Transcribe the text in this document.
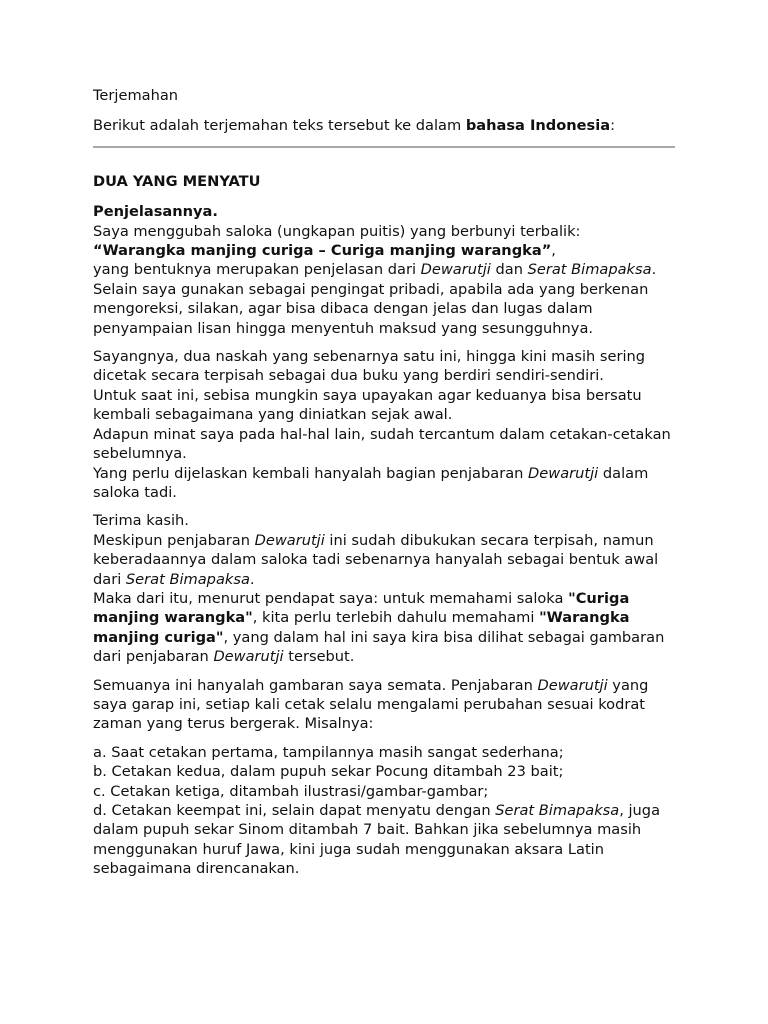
Terjemahan

Berikut adalah terjemahan teks tersebut ke dalam bahasa Indonesia:

DUA YANG MENYATU

Penjelasannya.

Saya menggubah saloka (ungkapan puitis) yang berbunyi terbalik:

“Warangka manjing curiga – Curiga manjing warangka”,

yang bentuknya merupakan penjelasan dari Dewarutji dan Serat Bimapaksa. Selain saya gunakan sebagai pengingat pribadi, apabila ada yang berkenan mengoreksi, silakan, agar bisa dibaca dengan jelas dan lugas dalam penyampaian lisan hingga menyentuh maksud yang sesungguhnya.

Sayangnya, dua naskah yang sebenarnya satu ini, hingga kini masih sering dicetak secara terpisah sebagai dua buku yang berdiri sendiri-sendiri.

Untuk saat ini, sebisa mungkin saya upayakan agar keduanya bisa bersatu kembali sebagaimana yang diniatkan sejak awal.

Adapun minat saya pada hal-hal lain, sudah tercantum dalam cetakan-cetakan sebelumnya.

Yang perlu dijelaskan kembali hanyalah bagian penjabaran Dewarutji dalam saloka tadi.

Terima kasih.

Meskipun penjabaran Dewarutji ini sudah dibukukan secara terpisah, namun keberadaannya dalam saloka tadi sebenarnya hanyalah sebagai bentuk awal dari Serat Bimapaksa.

Maka dari itu, menurut pendapat saya: untuk memahami saloka "Curiga manjing warangka", kita perlu terlebih dahulu memahami "Warangka manjing curiga", yang dalam hal ini saya kira bisa dilihat sebagai gambaran dari penjabaran Dewarutji tersebut.

Semuanya ini hanyalah gambaran saya semata. Penjabaran Dewarutji yang saya garap ini, setiap kali cetak selalu mengalami perubahan sesuai kodrat zaman yang terus bergerak. Misalnya:

a. Saat cetakan pertama, tampilannya masih sangat sederhana;

b. Cetakan kedua, dalam pupuh sekar Pocung ditambah 23 bait;

c. Cetakan ketiga, ditambah ilustrasi/gambar-gambar;

d. Cetakan keempat ini, selain dapat menyatu dengan Serat Bimapaksa, juga dalam pupuh sekar Sinom ditambah 7 bait. Bahkan jika sebelumnya masih menggunakan huruf Jawa, kini juga sudah menggunakan aksara Latin sebagaimana direncanakan.
